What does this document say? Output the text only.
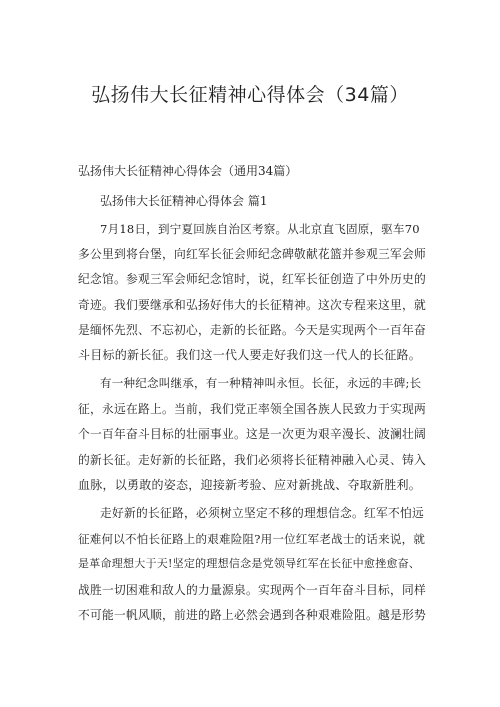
弘扬伟大长征精神心得体会（34篇）

弘扬伟大长征精神心得体会（通用34篇）

弘扬伟大长征精神心得体会 篇1

7月18日，到宁夏回族自治区考察。从北京直飞固原，驱车70

多公里到将台堡，向红军长征会师纪念碑敬献花篮并参观三军会师

纪念馆。参观三军会师纪念馆时，说，红军长征创造了中外历史的

奇迹。我们要继承和弘扬好伟大的长征精神。这次专程来这里，就

是缅怀先烈、不忘初心，走新的长征路。今天是实现两个一百年奋

斗目标的新长征。我们这一代人要走好我们这一代人的长征路。

有一种纪念叫继承，有一种精神叫永恒。长征，永远的丰碑;长

征，永远在路上。当前，我们党正率领全国各族人民致力于实现两

个一百年奋斗目标的壮丽事业。这是一次更为艰辛漫长、波澜壮阔

的新长征。走好新的长征路，我们必须将长征精神融入心灵、铸入

血脉，以勇敢的姿态，迎接新考验、应对新挑战、夺取新胜利。

走好新的长征路，必须树立坚定不移的理想信念。红军不怕远

征难何以不怕长征路上的艰难险阻?用一位红军老战士的话来说，就

是革命理想大于天!坚定的理想信念是党领导红军在长征中愈挫愈奋、

战胜一切困难和敌人的力量源泉。实现两个一百年奋斗目标，同样

不可能一帆风顺，前进的路上必然会遇到各种艰难险阻。越是形势
